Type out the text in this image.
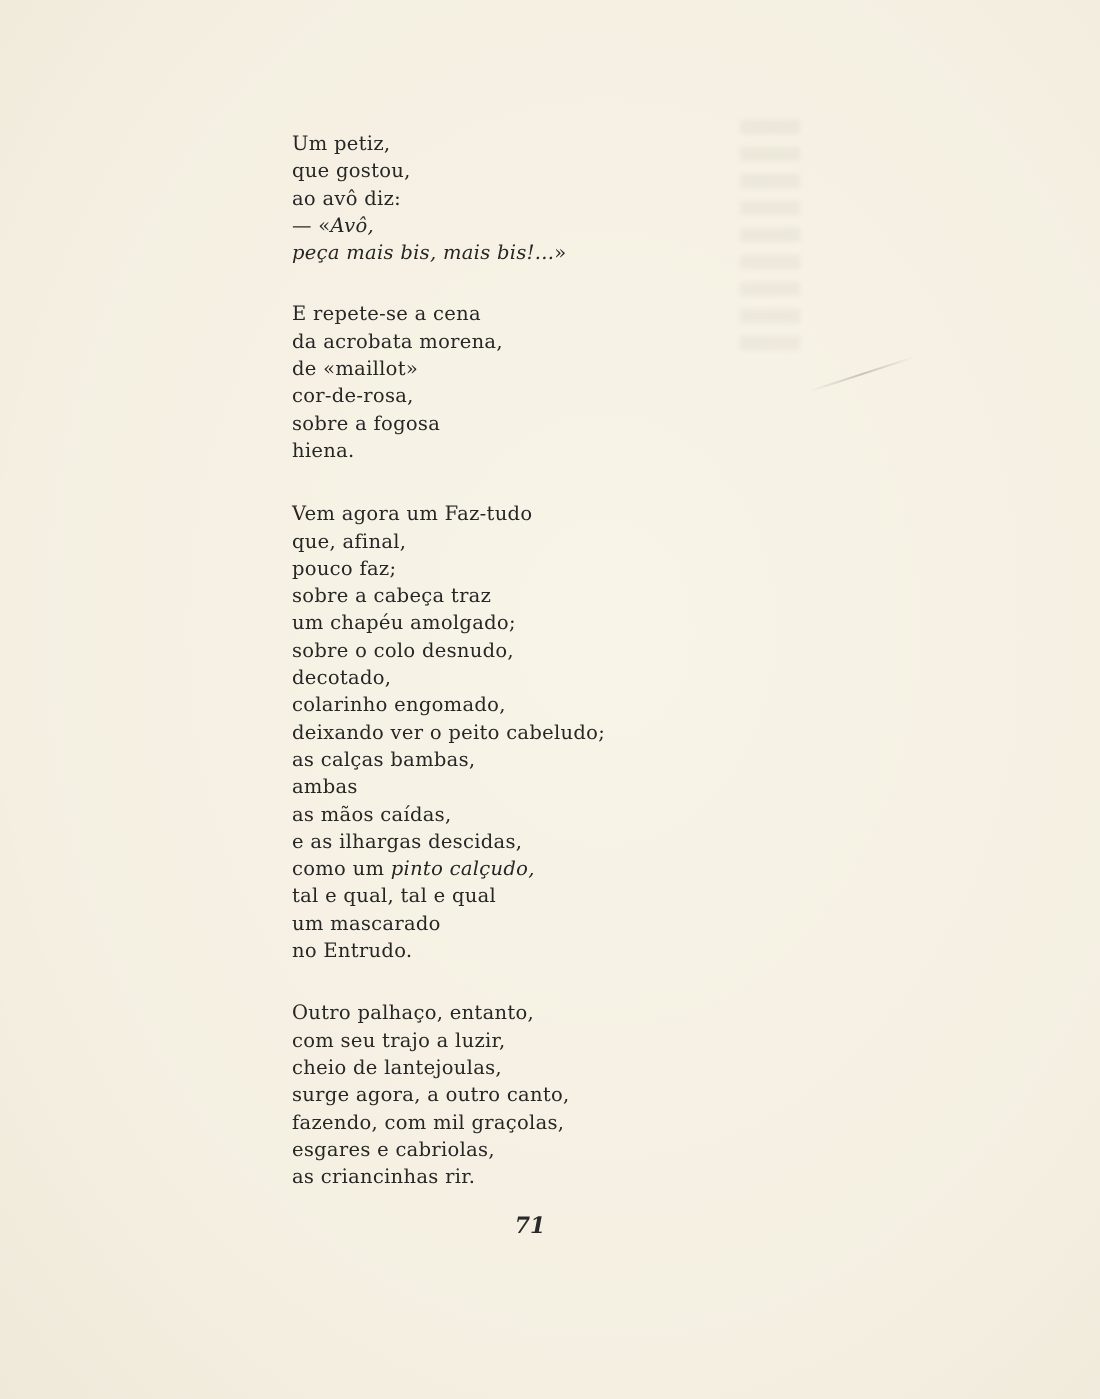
Um petiz,
que gostou,
ao avô diz:
— «Avô,
peça mais bis, mais bis!...»
E repete-se a cena
da acrobata morena,
de «maillot»
cor-de-rosa,
sobre a fogosa
hiena.
Vem agora um Faz-tudo
que, afinal,
pouco faz;
sobre a cabeça traz
um chapéu amolgado;
sobre o colo desnudo,
decotado,
colarinho engomado,
deixando ver o peito cabeludo;
as calças bambas,
ambas
as mãos caídas,
e as ilhargas descidas,
como um pinto calçudo,
tal e qual, tal e qual
um mascarado
no Entrudo.
Outro palhaço, entanto,
com seu trajo a luzir,
cheio de lantejoulas,
surge agora, a outro canto,
fazendo, com mil graçolas,
esgares e cabriolas,
as criancinhas rir.
71
